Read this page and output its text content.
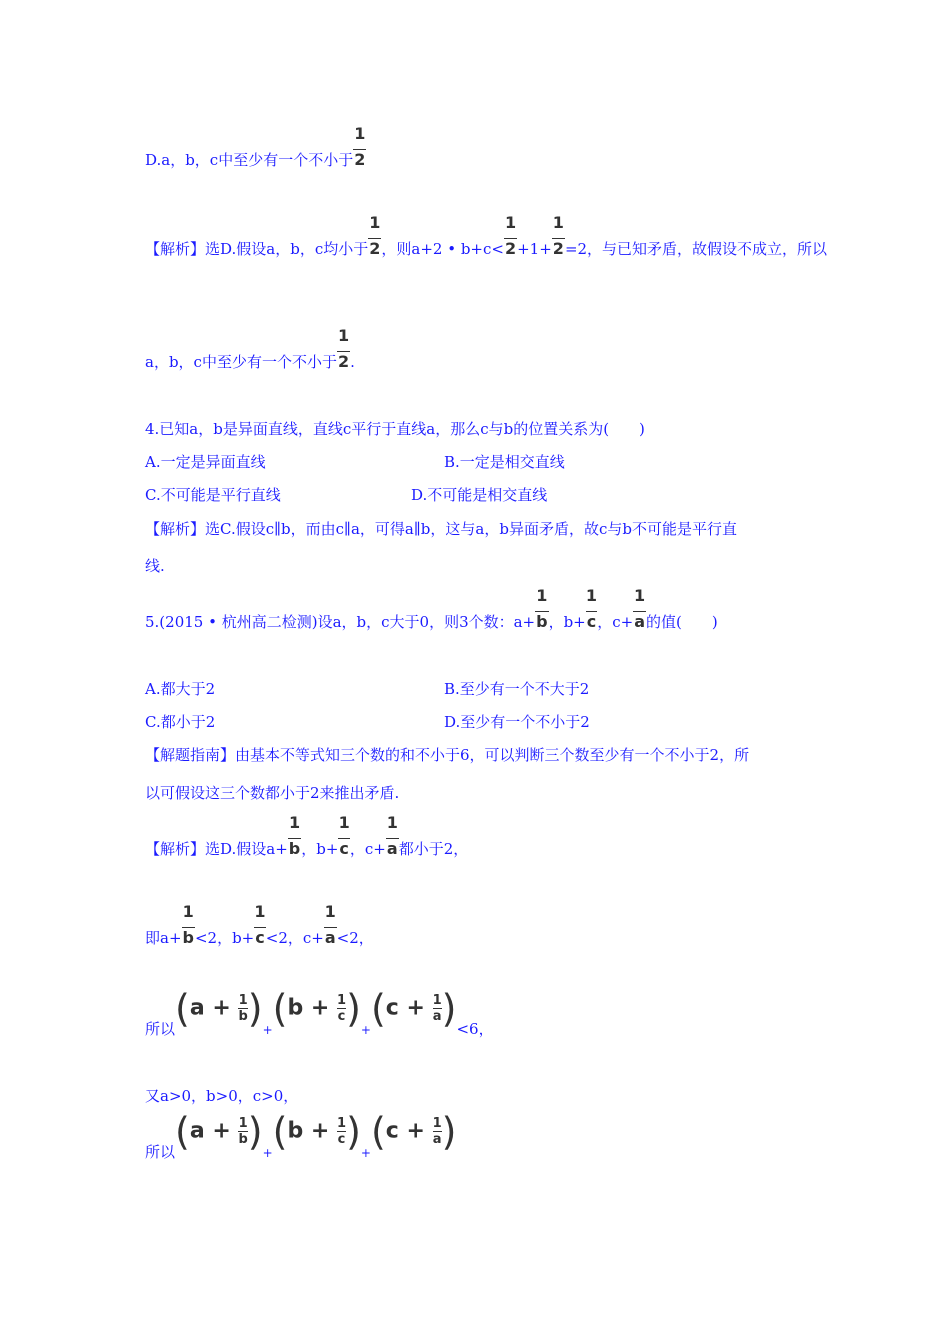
D.a，b，c中至少有一个不小于 $\frac{1}{2}$
【解析】选D.假设a，b，c均小于 $\frac{1}{2}$，则a+2 • $b+c< \frac{1}{2}+1+ \frac{1}{2}=2$，与已知矛盾，故假设不成立，所以
a，b，c中至少有一个不小于 $\frac{1}{2}$.
4.已知a，b是异面直线，直线c平行于直线a，那么c与b的位置关系为(　　)
A.一定是异面直线	B.一定是相交直线
C.不可能是平行直线	D.不可能是相交直线
【解析】选C.假设c∥b，而由c∥a，可得a∥b，这与a，b异面矛盾，故c与b不可能是平行直
线.
5.(2015 • 杭州高二检测)设a，b，c大于0，则3个数：$a+ \frac{1}{b}$，$b+ \frac{1}{c}$，$c+ \frac{1}{a}$的值(　　)
A.都大于2	B.至少有一个不大于2
C.都小于2	D.至少有一个不小于2
【解题指南】由基本不等式知三个数的和不小于6，可以判断三个数至少有一个不小于2，所
以可假设这三个数都小于2来推出矛盾.
【解析】选D.假设$a+ \frac{1}{b}$，$b+ \frac{1}{c}$，$c+ \frac{1}{a}$都小于2，
即$a+ \frac{1}{b}<2$，$b+ \frac{1}{c}<2$，$c+ \frac{1}{a}<2$，
所以$(a + \frac{1}{b} )_+(b + \frac{1}{c} )_+(c + \frac{1}{a} )<6$，
又a>0，b>0，c>0，
所以$(a + \frac{1}{b} )_+(b + \frac{1}{c} )_+(c + \frac{1}{a}$ )
